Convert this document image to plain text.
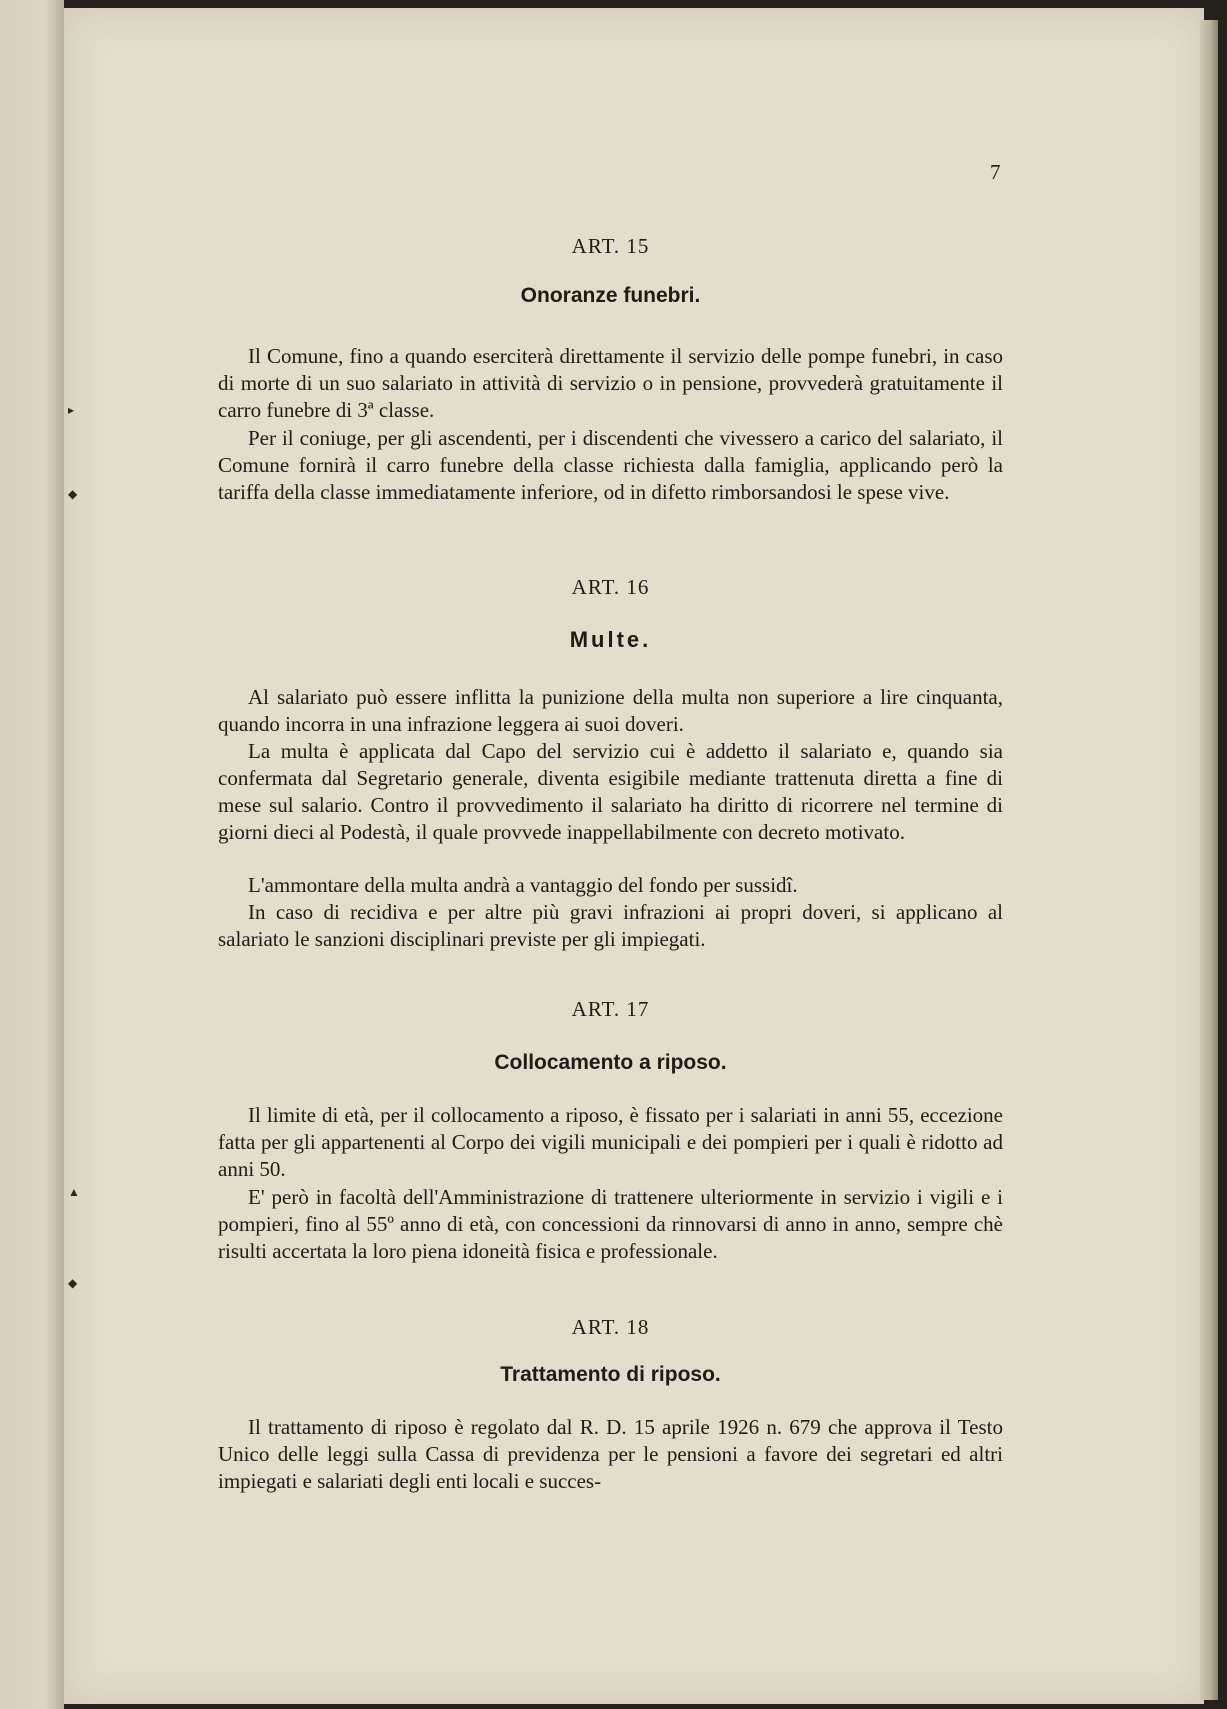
▸
◆
▲
◆
7
ART. 15
Onoranze funebri.

Il Comune, fino a quando eserciterà direttamente il servizio delle pompe funebri, in caso di morte di un suo salariato in attività di servizio o in pensione, provvederà gratuitamente il carro funebre di 3ª classe.

Per il coniuge, per gli ascendenti, per i discendenti che vivessero a carico del salariato, il Comune fornirà il carro funebre della classe richiesta dalla famiglia, applicando però la tariffa della classe immediatamente inferiore, od in difetto rimborsandosi le spese vive.

ART. 16
Multe.

Al salariato può essere inflitta la punizione della multa non superiore a lire cinquanta, quando incorra in una infrazione leggera ai suoi doveri.

La multa è applicata dal Capo del servizio cui è addetto il salariato e, quando sia confermata dal Segretario generale, diventa esigibile mediante trattenuta diretta a fine di mese sul salario. Contro il provvedimento il salariato ha diritto di ricorrere nel termine di giorni dieci al Podestà, il quale provvede inappellabilmente con decreto motivato.

L'ammontare della multa andrà a vantaggio del fondo per sussidî.

In caso di recidiva e per altre più gravi infrazioni ai propri doveri, si applicano al salariato le sanzioni disciplinari previste per gli impiegati.

ART. 17
Collocamento a riposo.

Il limite di età, per il collocamento a riposo, è fissato per i salariati in anni 55, eccezione fatta per gli appartenenti al Corpo dei vigili municipali e dei pompieri per i quali è ridotto ad anni 50.

E' però in facoltà dell'Amministrazione di trattenere ulteriormente in servizio i vigili e i pompieri, fino al 55º anno di età, con concessioni da rinnovarsi di anno in anno, sempre chè risulti accertata la loro piena idoneità fisica e professionale.

ART. 18
Trattamento di riposo.

Il trattamento di riposo è regolato dal R. D. 15 aprile 1926 n. 679 che approva il Testo Unico delle leggi sulla Cassa di previdenza per le pensioni a favore dei segretari ed altri impiegati e salariati degli enti locali e succes-
